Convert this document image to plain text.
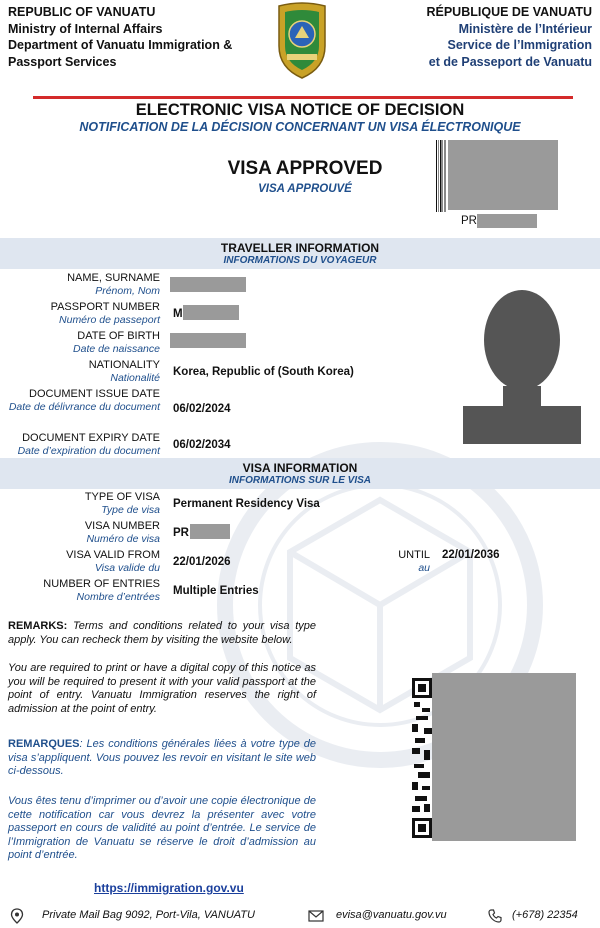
REPUBLIC OF VANUATU
Ministry of Internal Affairs
Department of Vanuatu Immigration &
Passport Services
RÉPUBLIQUE DE VANUATU
Ministère de l’Intérieur
Service de l’Immigration
et de Passeport de Vanuatu
ELECTRONIC VISA NOTICE OF DECISION
NOTIFICATION DE LA DÉCISION CONCERNANT UN VISA ÉLECTRONIQUE
VISA APPROVED
VISA APPROUVÉ
PR
TRAVELLER INFORMATION
INFORMATIONS DU VOYAGEUR
NAME, SURNAME
Prénom, Nom
PASSPORT NUMBER
Numéro de passeport M
DATE OF BIRTH
Date de naissance
NATIONALITY
Nationalité Korea, Republic of (South Korea)
DOCUMENT ISSUE DATE
Date de délivrance du document 06/02/2024
DOCUMENT EXPIRY DATE
Date d’expiration du document 06/02/2034
VISA INFORMATION
INFORMATIONS SUR LE VISA
TYPE OF VISA
Type de visa Permanent Residency Visa
VISA NUMBER
Numéro de visa PR
VISA VALID FROM
Visa valide du 22/01/2026
UNTIL
au
22/01/2036
NUMBER OF ENTRIES
Nombre d’entrées Multiple Entries
REMARKS: Terms and conditions related to your visa type apply. You can recheck them by visiting the website below.
You are required to print or have a digital copy of this notice as you will be required to present it with your valid passport at the point of entry. Vanuatu Immigration reserves the right of admission at the point of entry.
REMARQUES: Les conditions générales liées à votre type de visa s’appliquent. Vous pouvez les revoir en visitant le site web ci-dessous.
Vous êtes tenu d’imprimer ou d’avoir une copie électronique de cette notification car vous devrez la présenter avec votre passeport en cours de validité au point d’entrée. Le service de l’Immigration de Vanuatu se réserve le droit d’admission au point d’entrée.
https://immigration.gov.vu
Private Mail Bag 9092, Port-Vila, VANUATU	evisa@vanuatu.gov.vu	(+678) 22354
